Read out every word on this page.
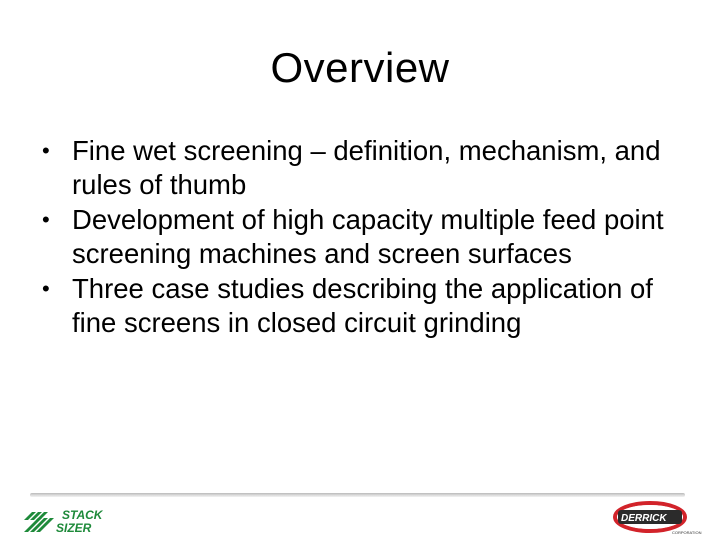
Overview
• Fine wet screening – definition, mechanism, and rules of thumb
• Development of high capacity multiple feed point screening machines and screen surfaces
• Three case studies describing the application of fine screens in closed circuit grinding
STACK
SIZER
DERRICK
CORPORATION
